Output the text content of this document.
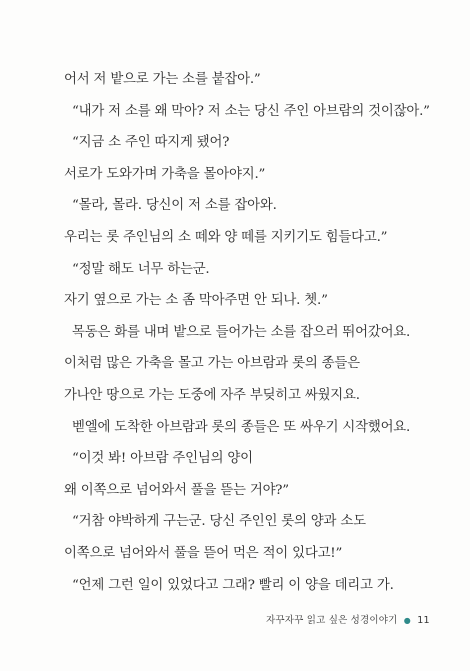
어서 저 밭으로 가는 소를 붙잡아.”

“내가 저 소를 왜 막아? 저 소는 당신 주인 아브람의 것이잖아.”

“지금 소 주인 따지게 됐어?

서로가 도와가며 가축을 몰아야지.”

“몰라, 몰라. 당신이 저 소를 잡아와.

우리는 롯 주인님의 소 떼와 양 떼를 지키기도 힘들다고.”

“정말 해도 너무 하는군.

자기 옆으로 가는 소 좀 막아주면 안 되나. 쳇.”

목동은 화를 내며 밭으로 들어가는 소를 잡으러 뛰어갔어요.

이처럼 많은 가축을 몰고 가는 아브람과 롯의 종들은

가나안 땅으로 가는 도중에 자주 부딪히고 싸웠지요.

벧엘에 도착한 아브람과 롯의 종들은 또 싸우기 시작했어요.

“이것 봐! 아브람 주인님의 양이

왜 이쪽으로 넘어와서 풀을 뜯는 거야?”

“거참 야박하게 구는군. 당신 주인인 롯의 양과 소도

이쪽으로 넘어와서 풀을 뜯어 먹은 적이 있다고!”

“언제 그런 일이 있었다고 그래? 빨리 이 양을 데리고 가.

자꾸자꾸 읽고 싶은 성경이야기 ● 11
